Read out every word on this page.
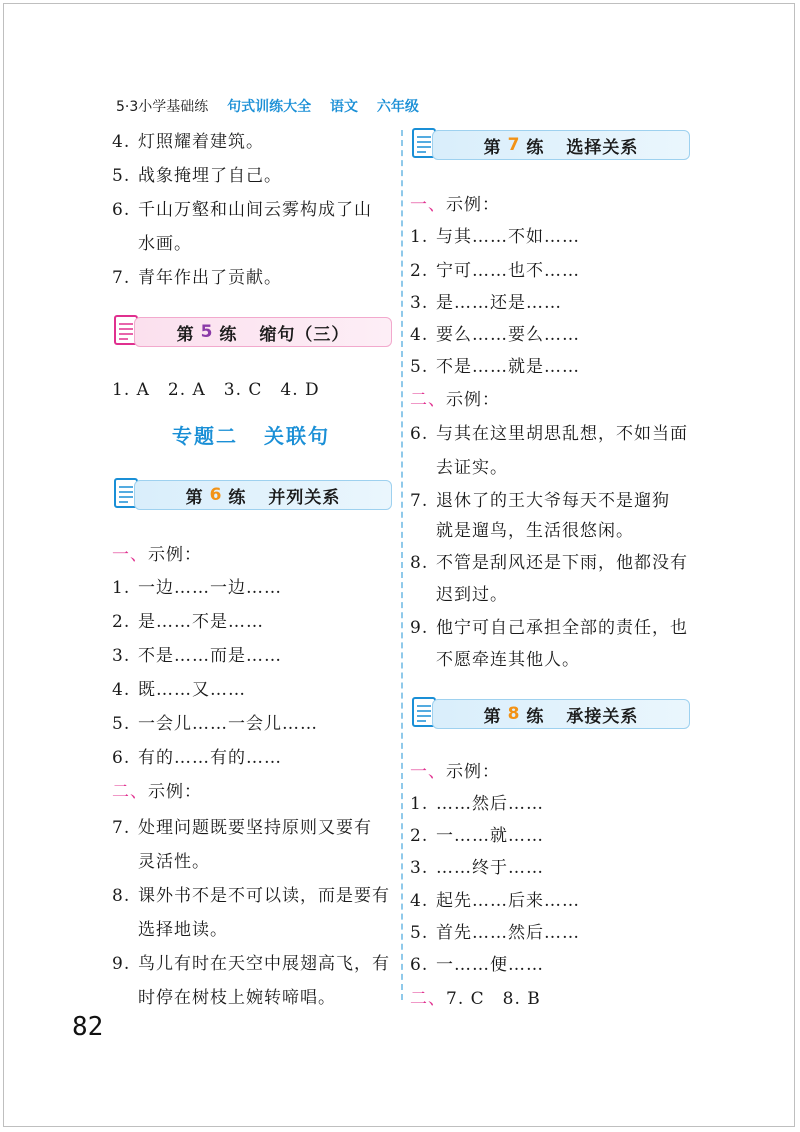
5·3小学基础练 句式训练大全 语文 六年级
4. 灯照耀着建筑。
5. 战象掩埋了自己。
6. 千山万壑和山间云雾构成了山
水画。
7. 青年作出了贡献。
第 5 练 缩句（三）
1. A　2. A　3. C　4. D
专题二 关联句
第 6 练 并列关系
一、示例：
1. 一边……一边……
2. 是……不是……
3. 不是……而是……
4. 既……又……
5. 一会儿……一会儿……
6. 有的……有的……
二、示例：
7. 处理问题既要坚持原则又要有
灵活性。
8. 课外书不是不可以读，而是要有
选择地读。
9. 鸟儿有时在天空中展翅高飞，有
时停在树枝上婉转啼唱。
第 7 练 选择关系
一、示例：
1. 与其……不如……
2. 宁可……也不……
3. 是……还是……
4. 要么……要么……
5. 不是……就是……
二、示例：
6. 与其在这里胡思乱想，不如当面
去证实。
7. 退休了的王大爷每天不是遛狗
就是遛鸟，生活很悠闲。
8. 不管是刮风还是下雨，他都没有
迟到过。
9. 他宁可自己承担全部的责任，也
不愿牵连其他人。
第 8 练 承接关系
一、示例：
1. ……然后……
2. 一……就……
3. ……终于……
4. 起先……后来……
5. 首先……然后……
6. 一……便……
二、7. C　8. B
82
